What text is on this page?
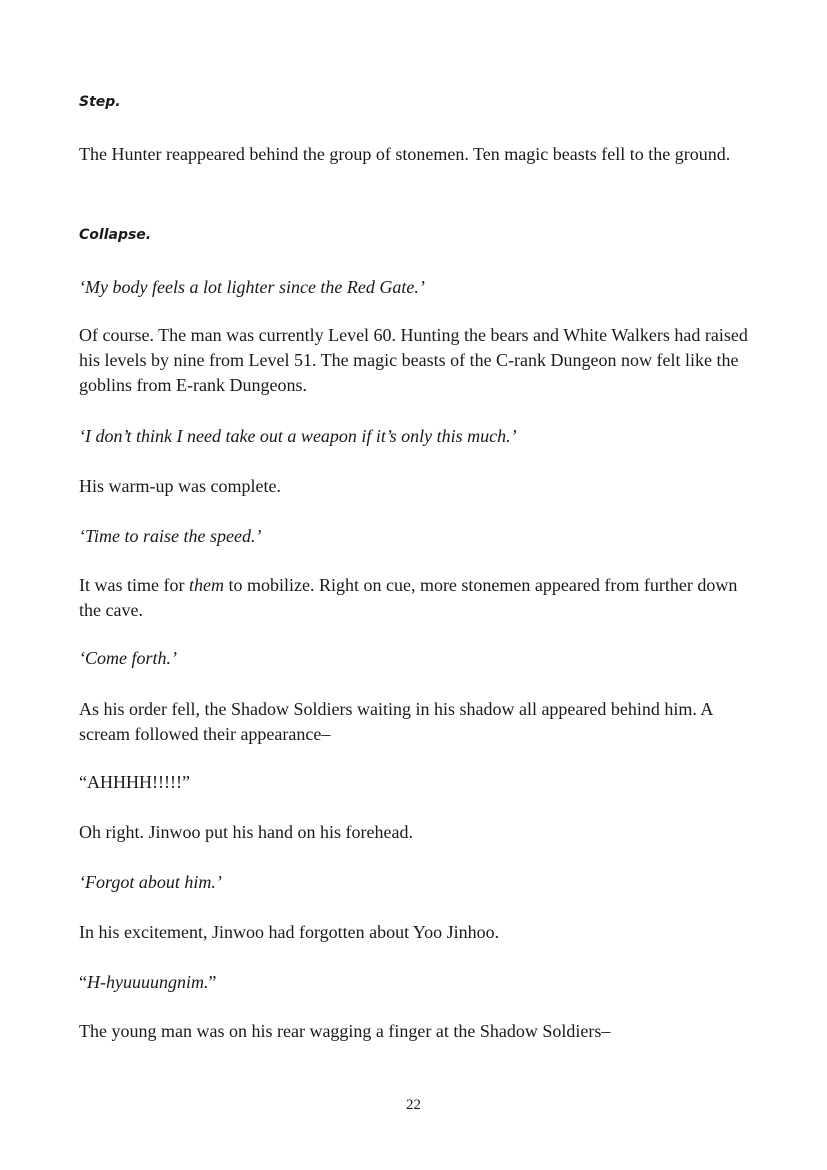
Step.

The Hunter reappeared behind the group of stonemen. Ten magic beasts fell to the ground.

Collapse.

‘My body feels a lot lighter since the Red Gate.’

Of course. The man was currently Level 60. Hunting the bears and White Walkers had raised his levels by nine from Level 51. The magic beasts of the C-rank Dungeon now felt like the goblins from E-rank Dungeons.

‘I don’t think I need take out a weapon if it’s only this much.’

His warm-up was complete.

‘Time to raise the speed.’

It was time for them to mobilize. Right on cue, more stonemen appeared from further down the cave.

‘Come forth.’

As his order fell, the Shadow Soldiers waiting in his shadow all appeared behind him. A scream followed their appearance–

“AHHHH!!!!!”

Oh right. Jinwoo put his hand on his forehead.

‘Forgot about him.’

In his excitement, Jinwoo had forgotten about Yoo Jinhoo.

“H-hyuuuungnim.”

The young man was on his rear wagging a finger at the Shadow Soldiers–

22
